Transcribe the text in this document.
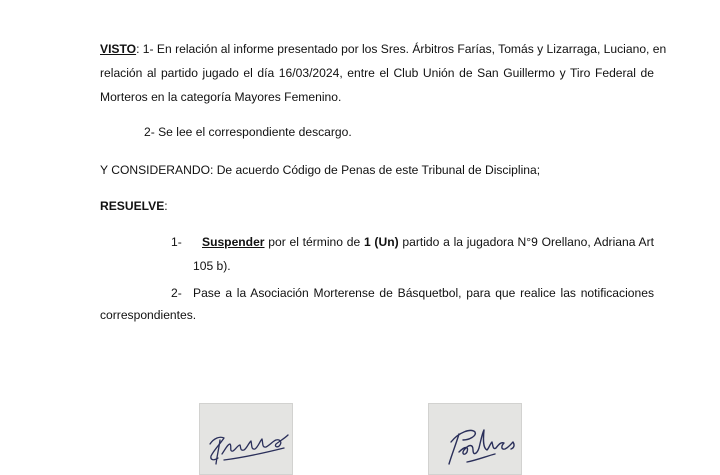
VISTO: 1- En relación al informe presentado por los Sres. Árbitros Farías, Tomás y Lizarraga, Luciano, en
relación al partido jugado el día 16/03/2024, entre el Club Unión de San Guillermo y Tiro Federal de
Morteros en la categoría Mayores Femenino.
2- Se lee el correspondiente descargo.
Y CONSIDERANDO: De acuerdo Código de Penas de este Tribunal de Disciplina;
RESUELVE:
1- Suspender por el término de 1 (Un) partido a la jugadora N°9 Orellano, Adriana Art
105 b).
2- Pase a la Asociación Morterense de Básquetbol, para que realice las notificaciones
correspondientes.
